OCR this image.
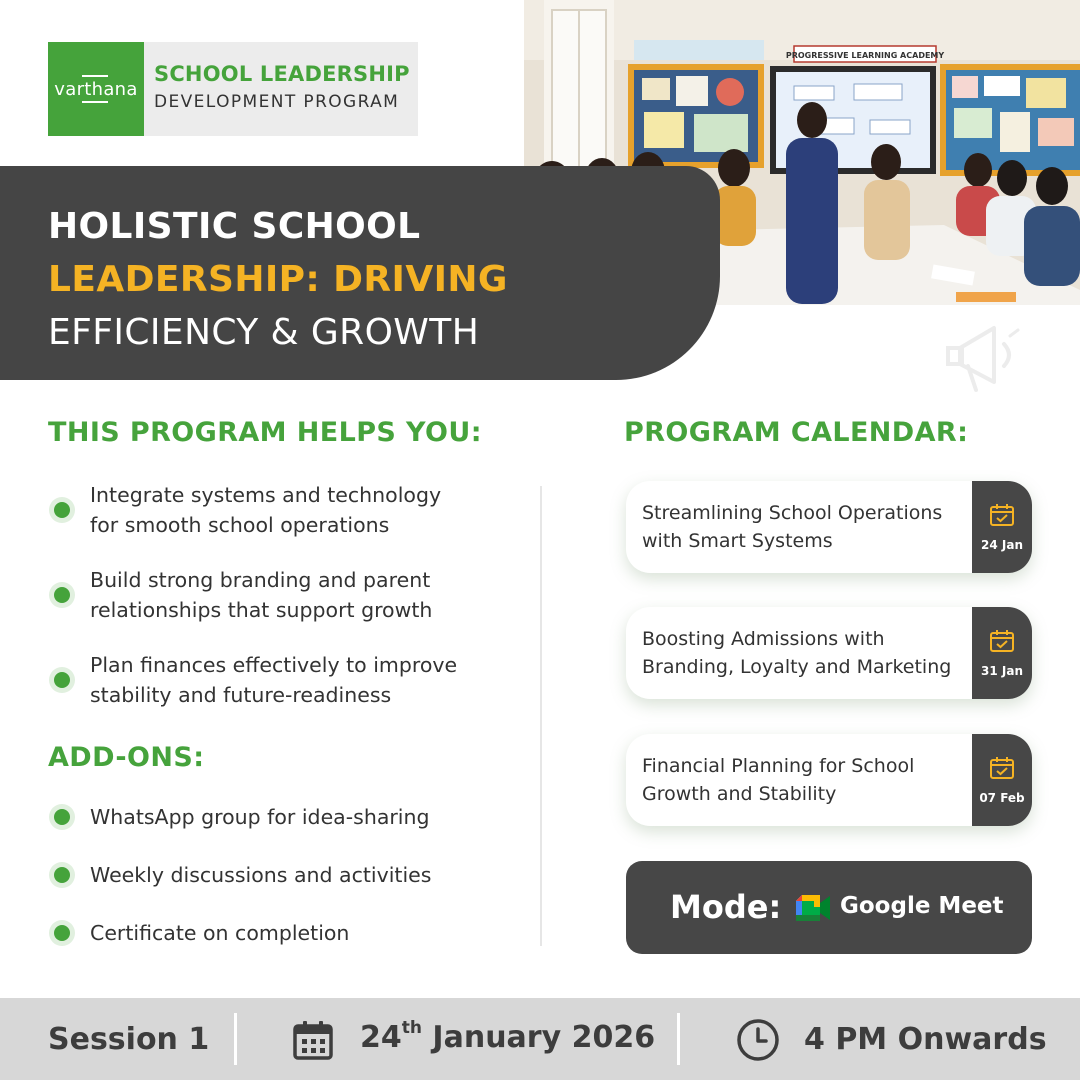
varthana
SCHOOL LEADERSHIP
DEVELOPMENT PROGRAM
PROGRESSIVE LEARNING ACADEMY
HOLISTIC SCHOOL
LEADERSHIP: DRIVING
EFFICIENCY & GROWTH
THIS PROGRAM HELPS YOU:
Integrate systems and technology
for smooth school operations
Build strong branding and parent
relationships that support growth
Plan finances effectively to improve
stability and future-readiness
ADD-ONS:
WhatsApp group for idea-sharing
Weekly discussions and activities
Certificate on completion
PROGRAM CALENDAR:
Streamlining School Operations
with Smart Systems	24 Jan
Boosting Admissions with
Branding, Loyalty and Marketing	31 Jan
Financial Planning for School
Growth and Stability	07 Feb
Mode:	Google Meet
Session 1	24th January 2026	4 PM Onwards
